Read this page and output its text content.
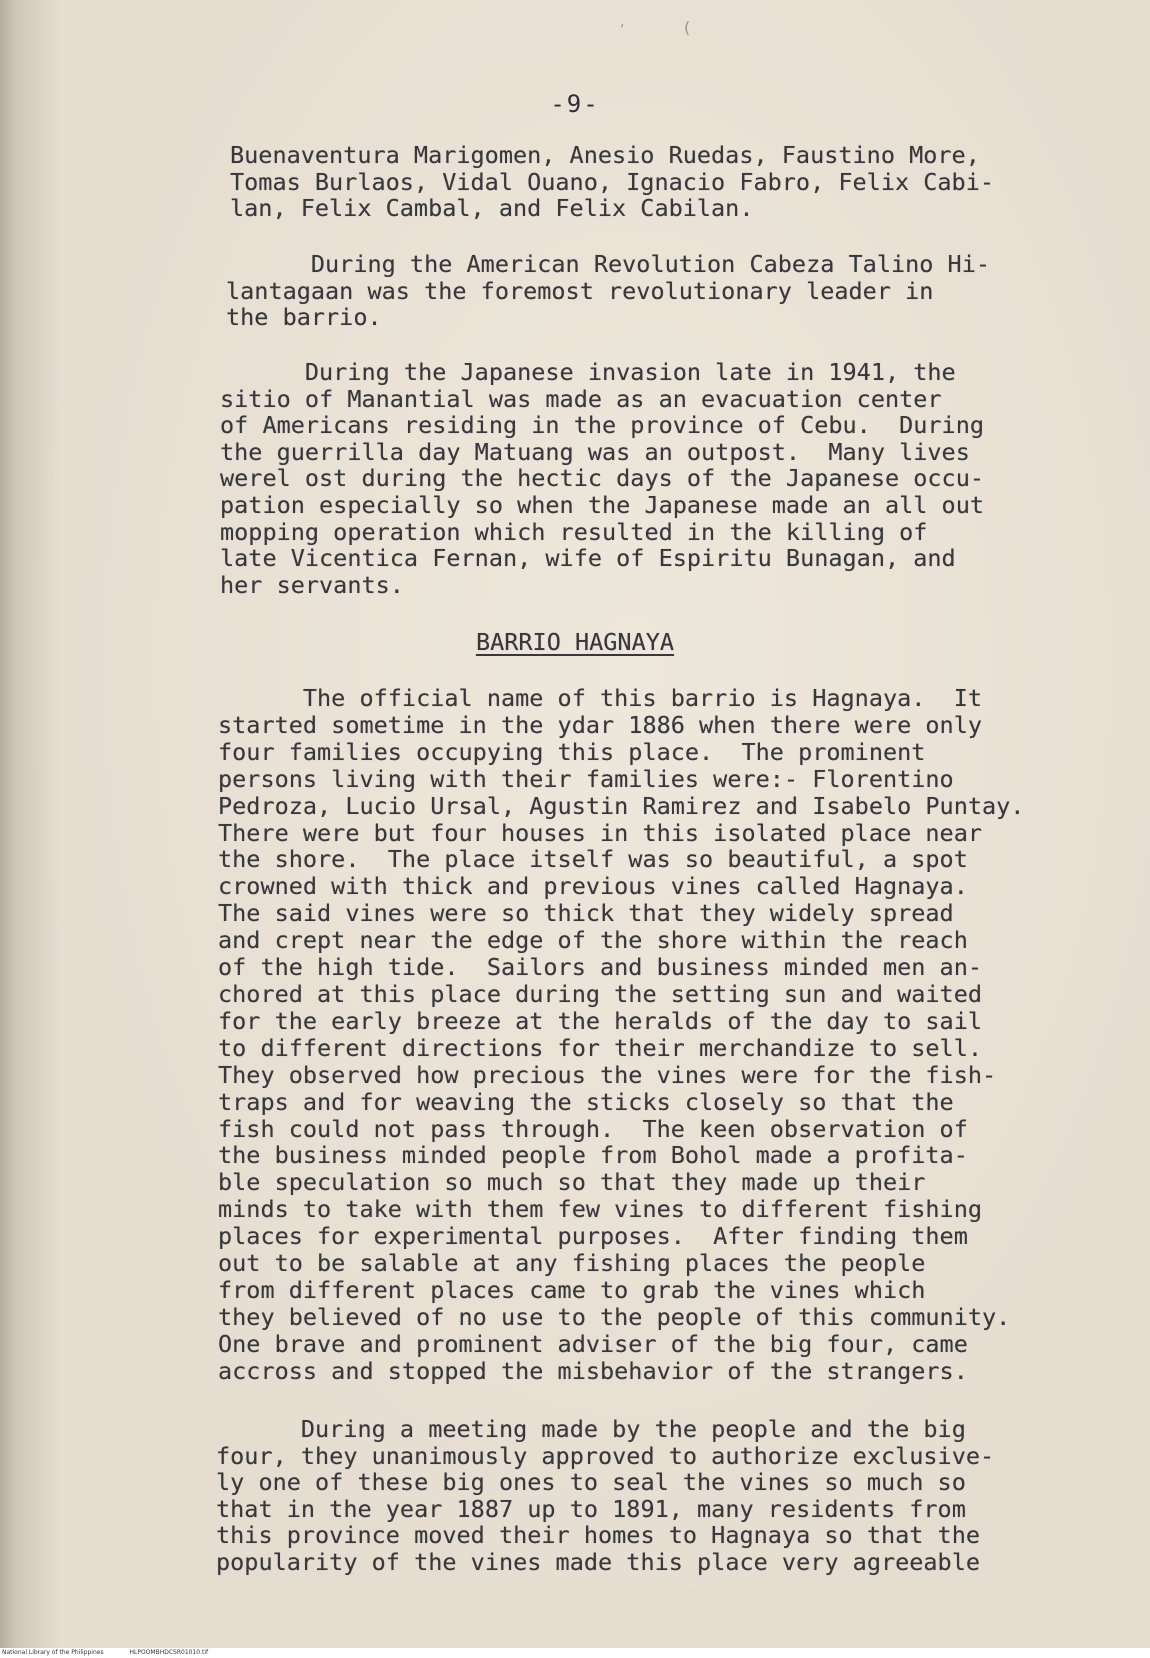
,	(
-9-

Buenaventura Marigomen, Anesio Ruedas, Faustino More,
Tomas Burlaos, Vidal Ouano, Ignacio Fabro, Felix Cabi-
lan, Felix Cambal, and Felix Cabilan.

During the American Revolution Cabeza Talino Hi-
lantagaan was the foremost revolutionary leader in
the barrio.

During the Japanese invasion late in 1941, the
sitio of Manantial was made as an evacuation center
of Americans residing in the province of Cebu.  During
the guerrilla day Matuang was an outpost.  Many lives
werel ost during the hectic days of the Japanese occu-
pation especially so when the Japanese made an all out
mopping operation which resulted in the killing of
late Vicentica Fernan, wife of Espiritu Bunagan, and
her servants.

BARRIO HAGNAYA

The official name of this barrio is Hagnaya.  It
started sometime in the ydar 1886 when there were only
four families occupying this place.  The prominent
persons living with their families were:- Florentino
Pedroza, Lucio Ursal, Agustin Ramirez and Isabelo Puntay.
There were but four houses in this isolated place near
the shore.  The place itself was so beautiful, a spot
crowned with thick and previous vines called Hagnaya.
The said vines were so thick that they widely spread
and crept near the edge of the shore within the reach
of the high tide.  Sailors and business minded men an-
chored at this place during the setting sun and waited
for the early breeze at the heralds of the day to sail
to different directions for their merchandize to sell.
They observed how precious the vines were for the fish-
traps and for weaving the sticks closely so that the
fish could not pass through.  The keen observation of
the business minded people from Bohol made a profita-
ble speculation so much so that they made up their
minds to take with them few vines to different fishing
places for experimental purposes.  After finding them
out to be salable at any fishing places the people
from different places came to grab the vines which
they believed of no use to the people of this community.
One brave and prominent adviser of the big four, came
accross and stopped the misbehavior of the strangers.

During a meeting made by the people and the big
four, they unanimously approved to authorize exclusive-
ly one of these big ones to seal the vines so much so
that in the year 1887 up to 1891, many residents from
this province moved their homes to Hagnaya so that the
popularity of the vines made this place very agreeable

National Library of the Philippines	HLPOOMBHDCSR01010.tif
